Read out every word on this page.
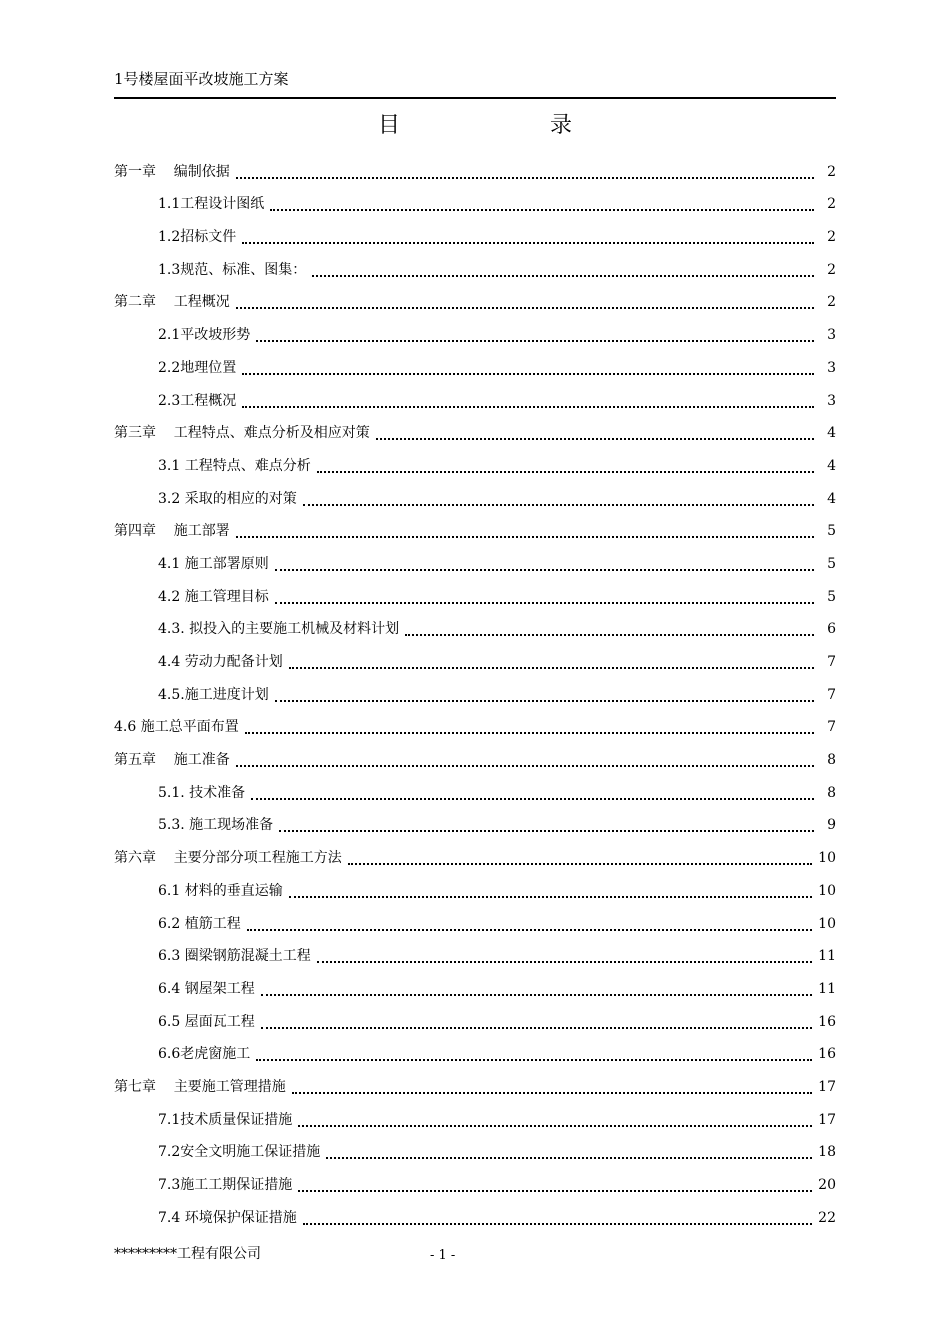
1号楼屋面平改坡施工方案
目	录
第一章    编制依据	2
1.1工程设计图纸	2
1.2招标文件	2
1.3规范、标准、图集：	2
第二章    工程概况	2
2.1平改坡形势	3
2.2地理位置	3
2.3工程概况	3
第三章    工程特点、难点分析及相应对策	4
3.1 工程特点、难点分析	4
3.2 采取的相应的对策	4
第四章    施工部署	5
4.1 施工部署原则	5
4.2 施工管理目标	5
4.3. 拟投入的主要施工机械及材料计划	6
4.4 劳动力配备计划	7
4.5.施工进度计划	7
4.6 施工总平面布置	7
第五章    施工准备	8
5.1. 技术准备	8
5.3. 施工现场准备	9
第六章    主要分部分项工程施工方法	10
6.1 材料的垂直运输	10
6.2 植筋工程	10
6.3 圈梁钢筋混凝土工程	11
6.4 钢屋架工程	11
6.5 屋面瓦工程	16
6.6老虎窗施工	16
第七章    主要施工管理措施	17
7.1技术质量保证措施	17
7.2安全文明施工保证措施	18
7.3施工工期保证措施	20
7.4 环境保护保证措施	22
*********工程有限公司	- 1 -
